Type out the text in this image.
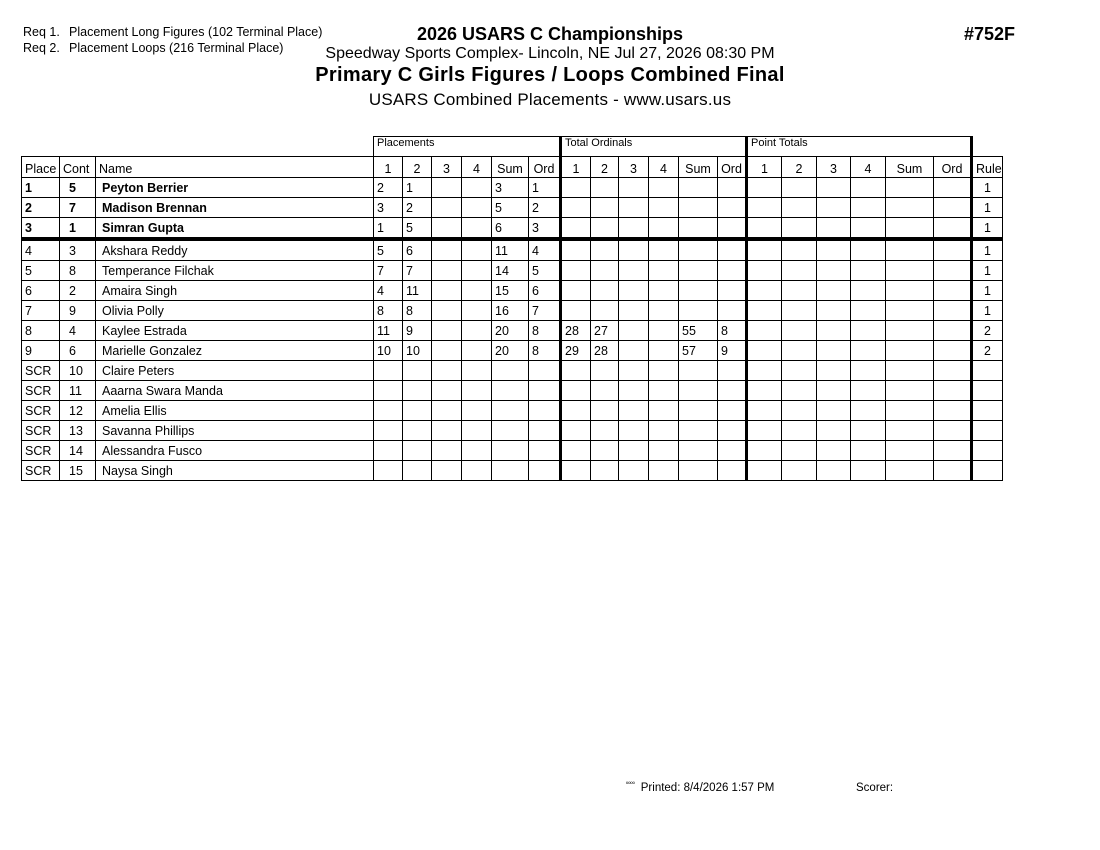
Req 1. Placement Long Figures (102 Terminal Place)
Req 2. Placement Loops (216 Terminal Place)
2026 USARS C Championships
Speedway Sports Complex- Lincoln, NE Jul 27, 2026 08:30 PM
Primary C Girls Figures / Loops Combined Final
USARS Combined Placements - www.usars.us
#752F
			Placements						Total Ordinals						Point Totals						
Place	Cont	Name	1	2	3	4	Sum	Ord	1	2	3	4	Sum	Ord	1	2	3	4	Sum	Ord	Rule
1	5	Peyton Berrier	2	1			3	1													1
2	7	Madison Brennan	3	2			5	2													1
3	1	Simran Gupta	1	5			6	3													1
4	3	Akshara Reddy	5	6			11	4													1
5	8	Temperance Filchak	7	7			14	5													1
6	2	Amaira Singh	4	11			15	6													1
7	9	Olivia Polly	8	8			16	7													1
8	4	Kaylee Estrada	11	9			20	8	28	27			55	8							2
9	6	Marielle Gonzalez	10	10			20	8	29	28			57	9							2
SCR	10	Claire Peters																			
SCR	11	Aaarna Swara Manda																			
SCR	12	Amelia Ellis																			
SCR	13	Savanna Phillips																			
SCR	14	Alessandra Fusco																			
SCR	15	Naysa Singh																			
$^{ºººº}$ Printed: 8/4/2026 1:57 PM	Scorer:
